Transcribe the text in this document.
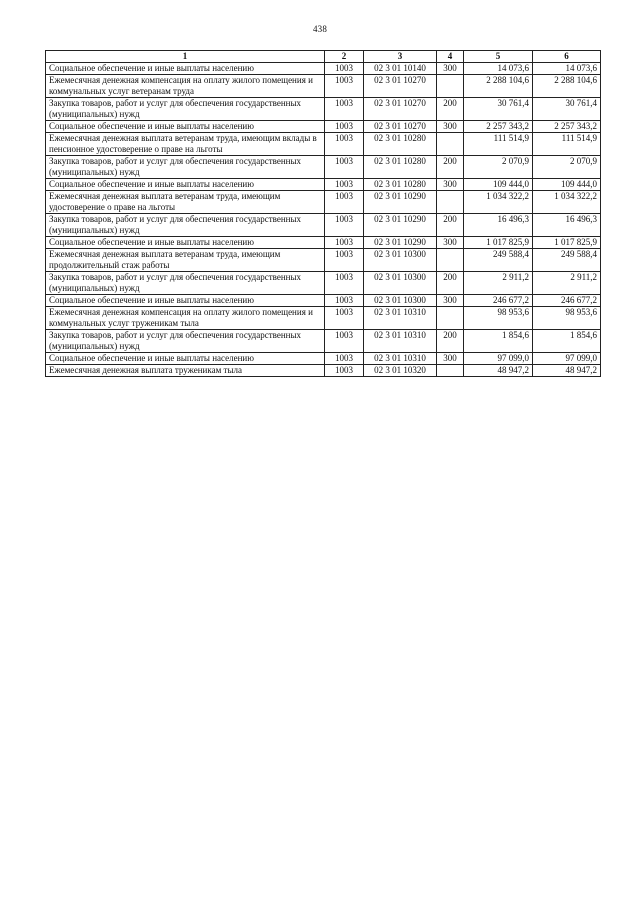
438
1	2	3	4	5	6
Социальное обеспечение и иные выплаты населению	1003	02 3 01 10140	300	14 073,6	14 073,6
Ежемесячная денежная компенсация на оплату жилого помещения и коммунальных услуг ветеранам труда	1003	02 3 01 10270		2 288 104,6	2 288 104,6
Закупка товаров, работ и услуг для обеспечения государственных (муниципальных) нужд	1003	02 3 01 10270	200	30 761,4	30 761,4
Социальное обеспечение и иные выплаты населению	1003	02 3 01 10270	300	2 257 343,2	2 257 343,2
Ежемесячная денежная выплата ветеранам труда, имеющим вклады в пенсионное удостоверение о праве на льготы	1003	02 3 01 10280		111 514,9	111 514,9
Закупка товаров, работ и услуг для обеспечения государственных (муниципальных) нужд	1003	02 3 01 10280	200	2 070,9	2 070,9
Социальное обеспечение и иные выплаты населению	1003	02 3 01 10280	300	109 444,0	109 444,0
Ежемесячная денежная выплата ветеранам труда, имеющим удостоверение о праве на льготы	1003	02 3 01 10290		1 034 322,2	1 034 322,2
Закупка товаров, работ и услуг для обеспечения государственных (муниципальных) нужд	1003	02 3 01 10290	200	16 496,3	16 496,3
Социальное обеспечение и иные выплаты населению	1003	02 3 01 10290	300	1 017 825,9	1 017 825,9
Ежемесячная денежная выплата ветеранам труда, имеющим продолжительный стаж работы	1003	02 3 01 10300		249 588,4	249 588,4
Закупка товаров, работ и услуг для обеспечения государственных (муниципальных) нужд	1003	02 3 01 10300	200	2 911,2	2 911,2
Социальное обеспечение и иные выплаты населению	1003	02 3 01 10300	300	246 677,2	246 677,2
Ежемесячная денежная компенсация на оплату жилого помещения и коммунальных услуг труженикам тыла	1003	02 3 01 10310		98 953,6	98 953,6
Закупка товаров, работ и услуг для обеспечения государственных (муниципальных) нужд	1003	02 3 01 10310	200	1 854,6	1 854,6
Социальное обеспечение и иные выплаты населению	1003	02 3 01 10310	300	97 099,0	97 099,0
Ежемесячная денежная выплата труженикам тыла	1003	02 3 01 10320		48 947,2	48 947,2
